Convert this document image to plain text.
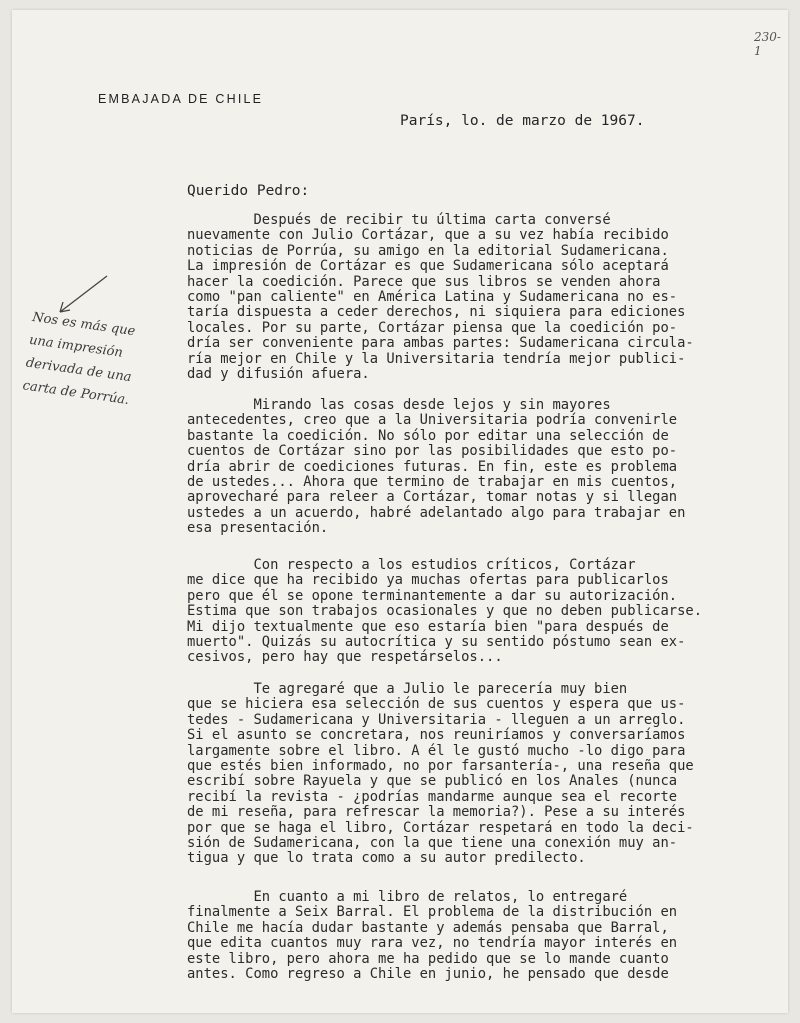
230-1
EMBAJADA DE CHILE
París, lo. de marzo de 1967.
Querido Pedro:
Después de recibir tu última carta conversé
nuevamente con Julio Cortázar, que a su vez había recibido
noticias de Porrúa, su amigo en la editorial Sudamericana.
La impresión de Cortázar es que Sudamericana sólo aceptará
hacer la coedición. Parece que sus libros se venden ahora
como "pan caliente" en América Latina y Sudamericana no es-
taría dispuesta a ceder derechos, ni siquiera para ediciones
locales. Por su parte, Cortázar piensa que la coedición po-
dría ser conveniente para ambas partes: Sudamericana circula-
ría mejor en Chile y la Universitaria tendría mejor publici-
dad y difusión afuera.
Mirando las cosas desde lejos y sin mayores
antecedentes, creo que a la Universitaria podría convenirle
bastante la coedición. No sólo por editar una selección de
cuentos de Cortázar sino por las posibilidades que esto po-
dría abrir de coediciones futuras. En fin, este es problema
de ustedes... Ahora que termino de trabajar en mis cuentos,
aprovecharé para releer a Cortázar, tomar notas y si llegan
ustedes a un acuerdo, habré adelantado algo para trabajar en
esa presentación.
Con respecto a los estudios críticos, Cortázar
me dice que ha recibido ya muchas ofertas para publicarlos
pero que él se opone terminantemente a dar su autorización.
Estima que son trabajos ocasionales y que no deben publicarse.
Mi dijo textualmente que eso estaría bien "para después de
muerto". Quizás su autocrítica y su sentido póstumo sean ex-
cesivos, pero hay que respetárselos...
Te agregaré que a Julio le parecería muy bien
que se hiciera esa selección de sus cuentos y espera que us-
tedes - Sudamericana y Universitaria - lleguen a un arreglo.
Si el asunto se concretara, nos reuniríamos y conversaríamos
largamente sobre el libro. A él le gustó mucho -lo digo para
que estés bien informado, no por farsantería-, una reseña que
escribí sobre Rayuela y que se publicó en los Anales (nunca
recibí la revista - ¿podrías mandarme aunque sea el recorte
de mi reseña, para refrescar la memoria?). Pese a su interés
por que se haga el libro, Cortázar respetará en todo la deci-
sión de Sudamericana, con la que tiene una conexión muy an-
tigua y que lo trata como a su autor predilecto.
En cuanto a mi libro de relatos, lo entregaré
finalmente a Seix Barral. El problema de la distribución en
Chile me hacía dudar bastante y además pensaba que Barral,
que edita cuantos muy rara vez, no tendría mayor interés en
este libro, pero ahora me ha pedido que se lo mande cuanto
antes. Como regreso a Chile en junio, he pensado que desde
Nos es más que
una impresión
derivada de una
carta de Porrúa.
